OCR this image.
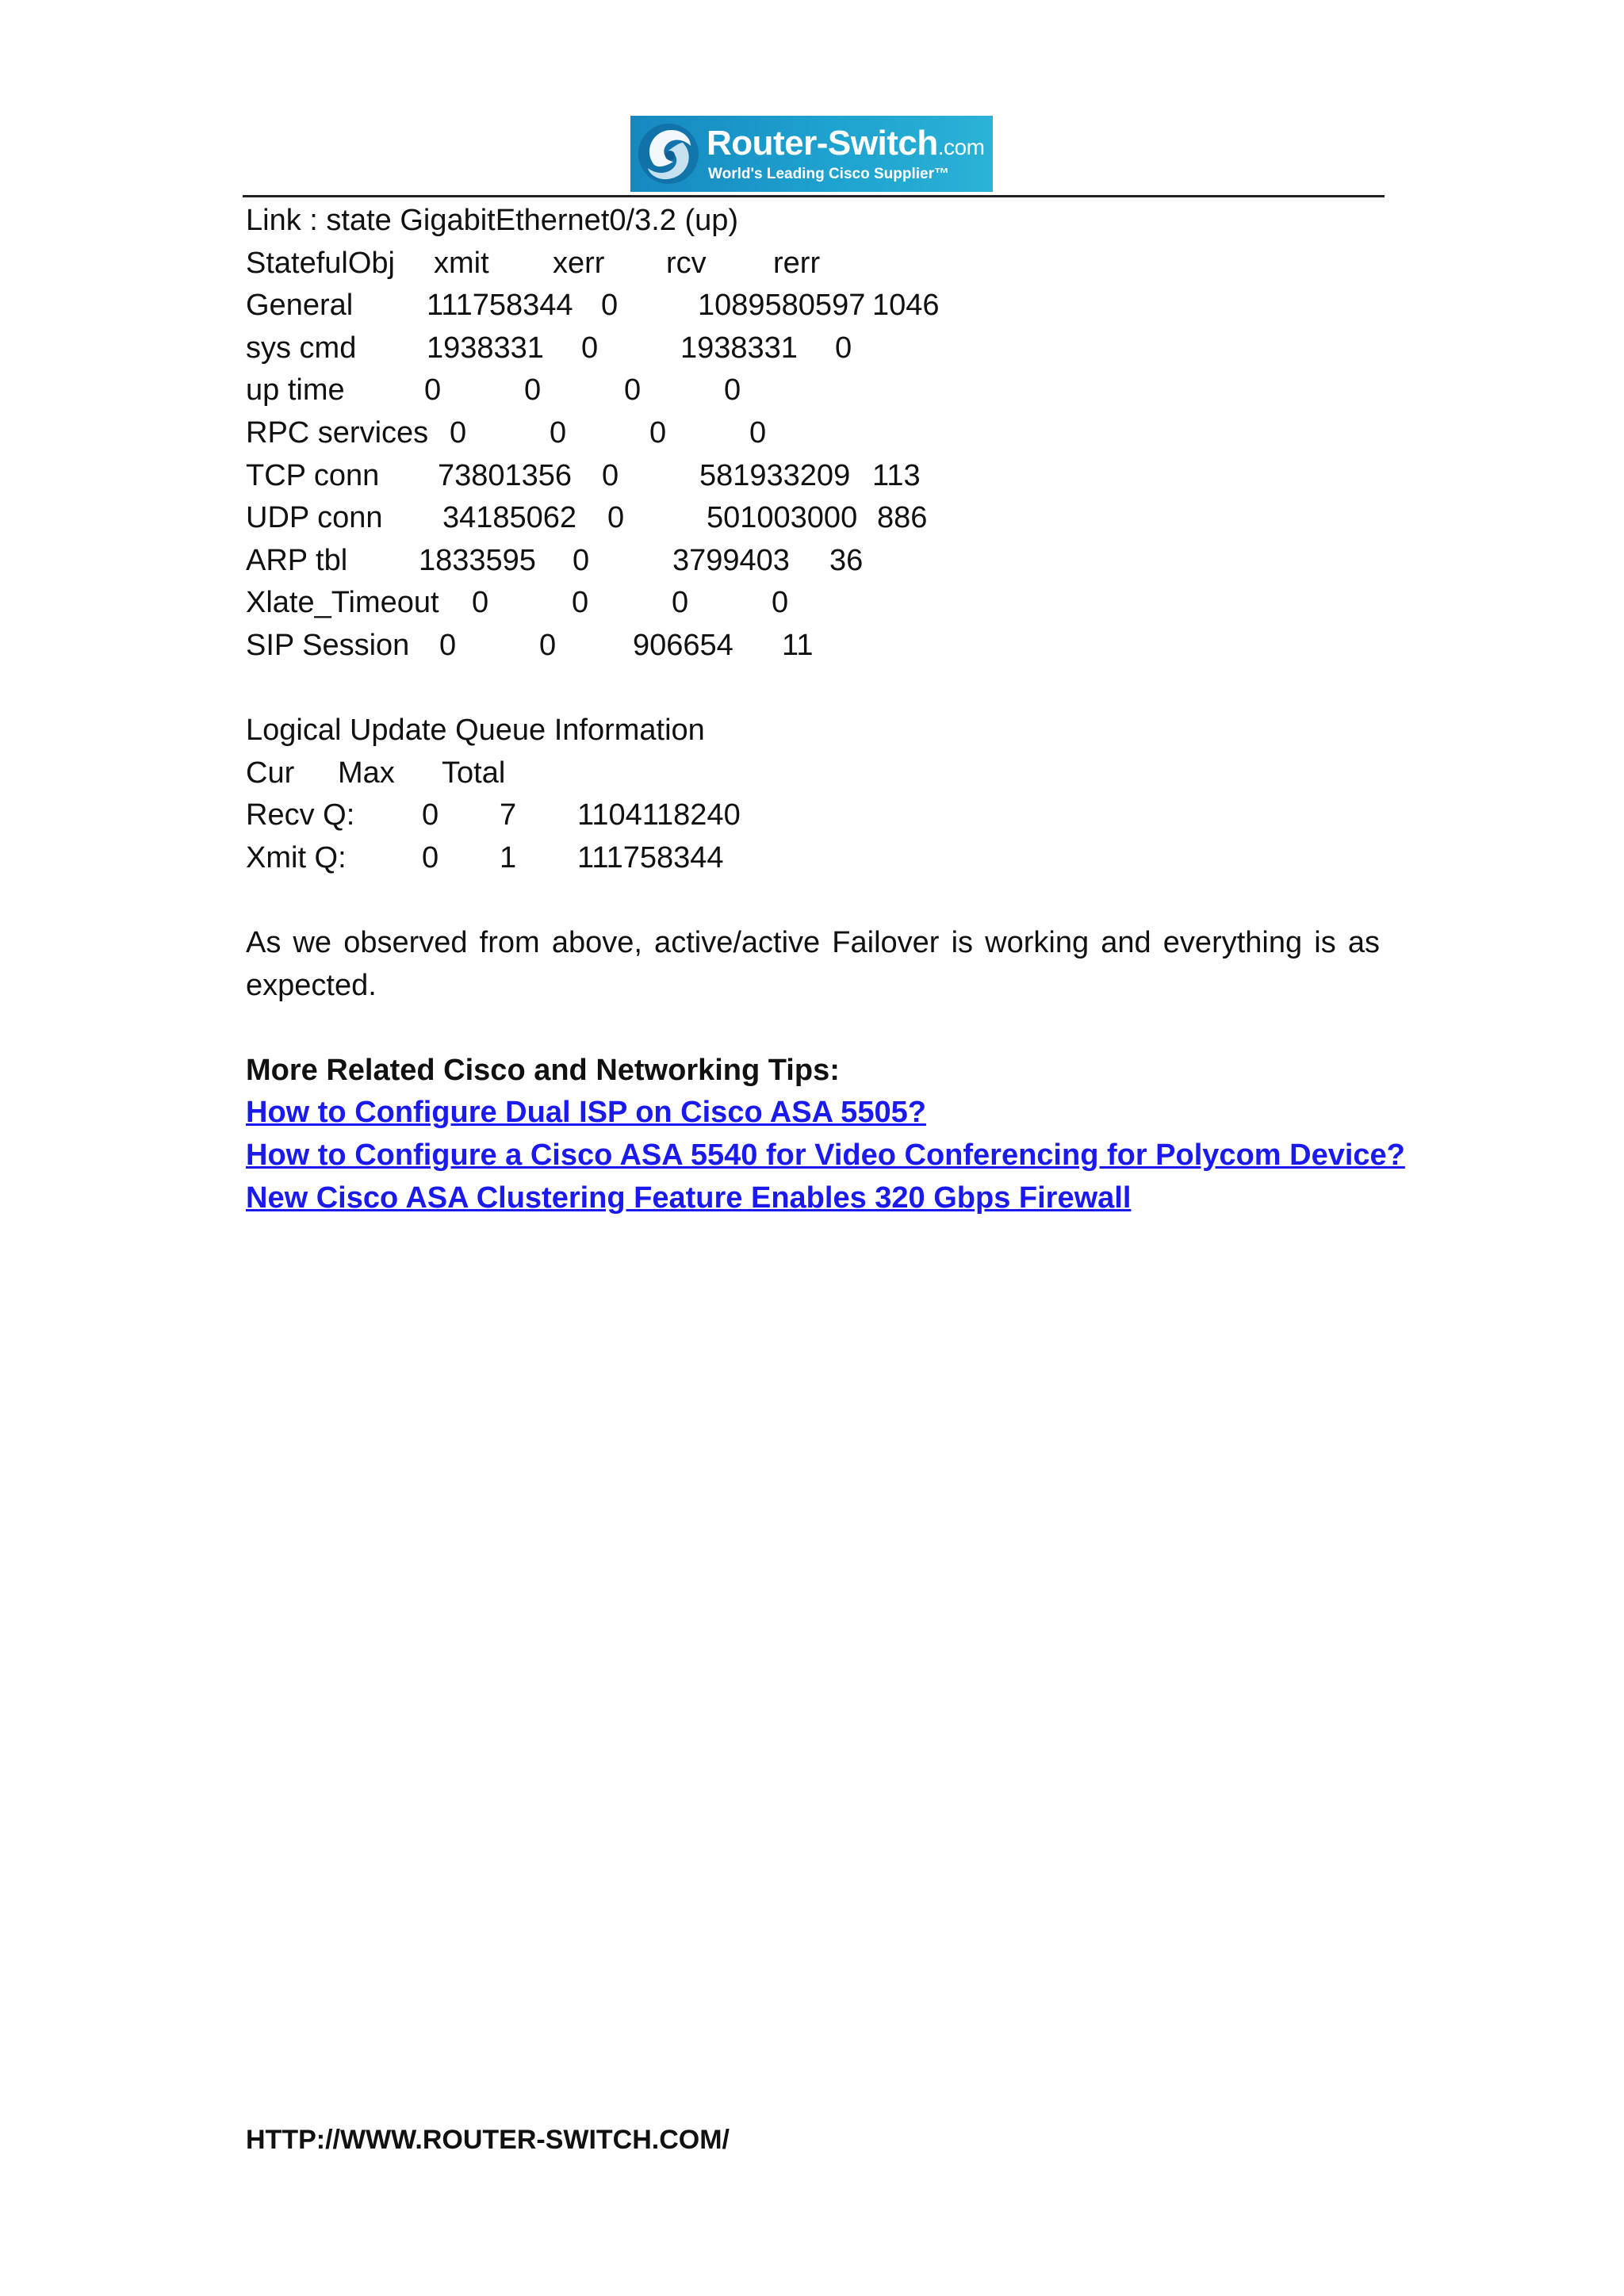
Router-Switch.com
World's Leading Cisco Supplier™
Link : state GigabitEthernet0/3.2 (up)
StatefulObj	xmit	xerr	rcv	rerr
General	111758344 0	1089580597 1046
sys cmd	1938331	0	1938331	0
up time	0	0	0	0
RPC services 0	0	0	0
TCP conn	73801356 0	581933209 113
UDP conn	34185062	0	501003000 886
ARP tbl	1833595	0	3799403	36
Xlate_Timeout	0	0	0	0
SIP Session 0	0	906654	11
Logical Update Queue Information
Cur	Max	Total
Recv Q:	0	7	1104118240
Xmit Q:	0	1	111758344
As we observed from above, active/active Failover is working and everything is as expected.
More Related Cisco and Networking Tips:
How to Configure Dual ISP on Cisco ASA 5505?
How to Configure a Cisco ASA 5540 for Video Conferencing for Polycom Device?
New Cisco ASA Clustering Feature Enables 320 Gbps Firewall
HTTP://WWW.ROUTER-SWITCH.COM/
